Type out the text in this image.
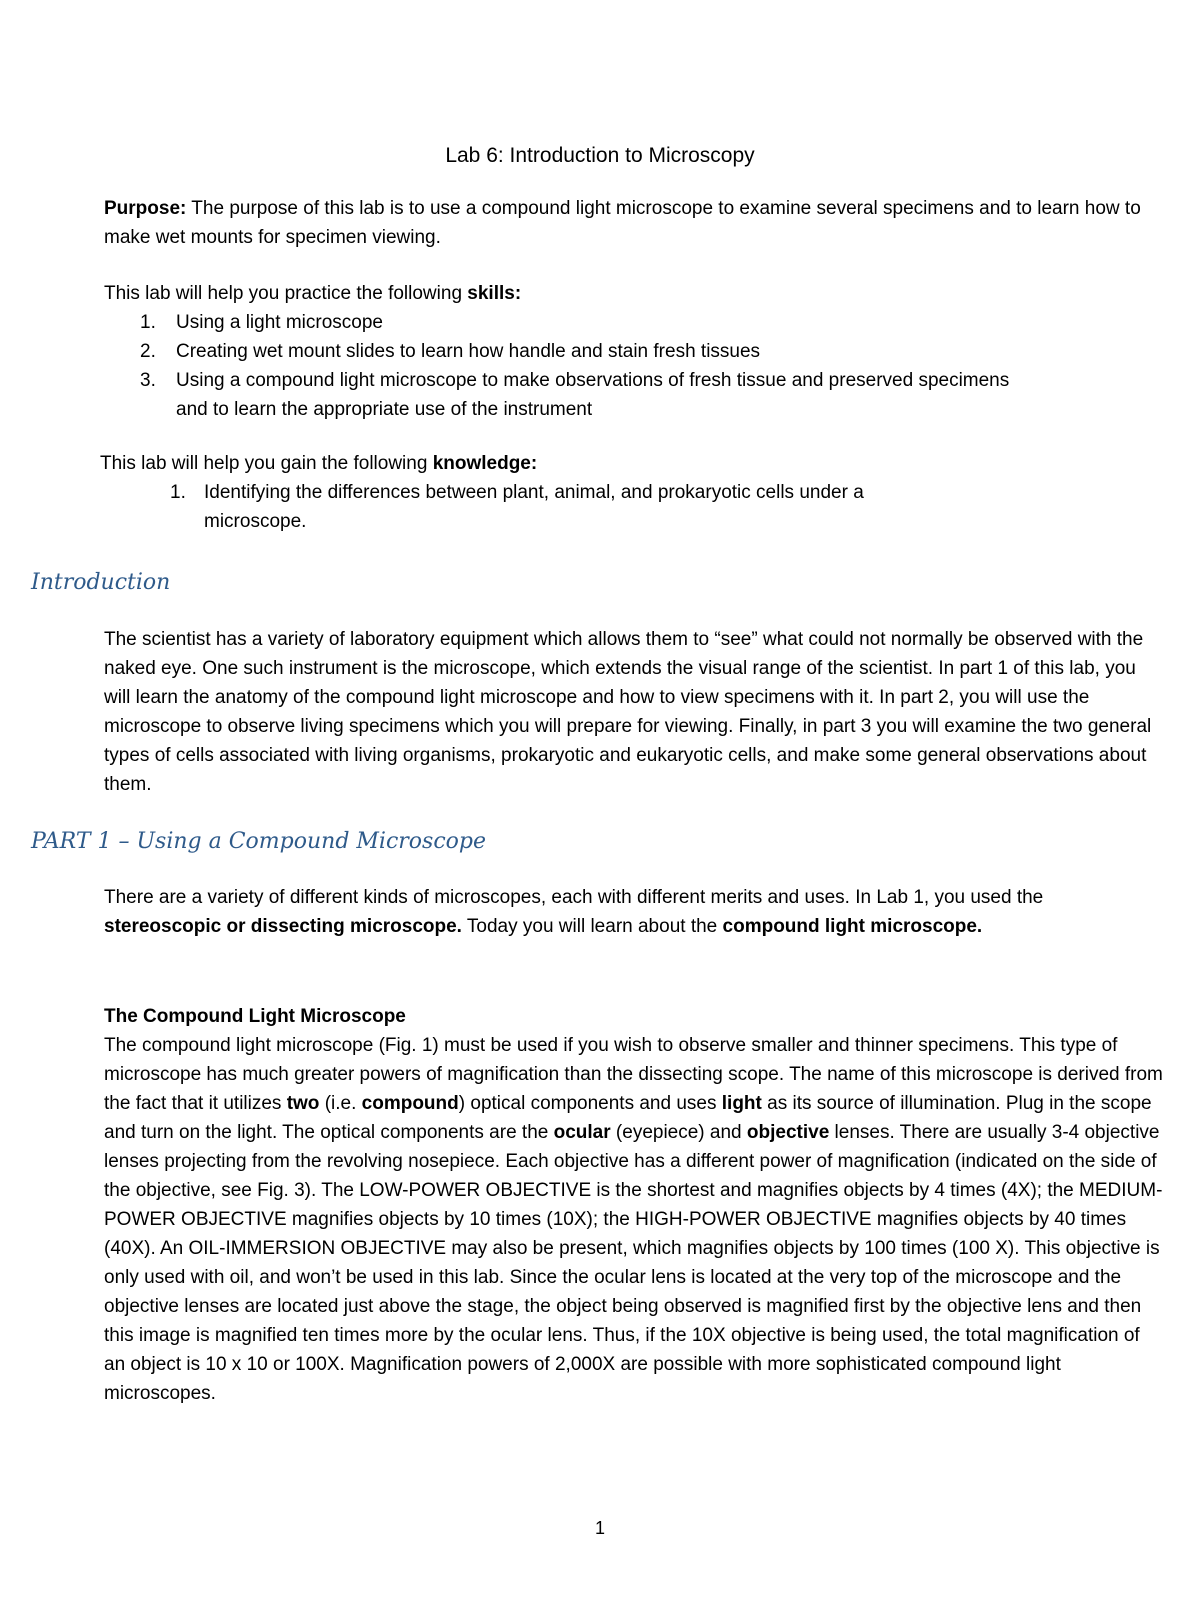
Lab 6: Introduction to Microscopy

Purpose: The purpose of this lab is to use a compound light microscope to examine several specimens and to learn how to make wet mounts for specimen viewing.

This lab will help you practice the following skills:

1. Using a light microscope
2. Creating wet mount slides to learn how handle and stain fresh tissues
3. Using a compound light microscope to make observations of fresh tissue and preserved specimens and to learn the appropriate use of the instrument

This lab will help you gain the following knowledge:

1. Identifying the differences between plant, animal, and prokaryotic cells under a microscope.
Introduction

The scientist has a variety of laboratory equipment which allows them to “see” what could not normally be observed with the naked eye. One such instrument is the microscope, which extends the visual range of the scientist. In part 1 of this lab, you will learn the anatomy of the compound light microscope and how to view specimens with it. In part 2, you will use the microscope to observe living specimens which you will prepare for viewing. Finally, in part 3 you will examine the two general types of cells associated with living organisms, prokaryotic and eukaryotic cells, and make some general observations about them.

PART 1 – Using a Compound Microscope

There are a variety of different kinds of microscopes, each with different merits and uses. In Lab 1, you used the stereoscopic or dissecting microscope. Today you will learn about the compound light microscope.

The Compound Light Microscope

The compound light microscope (Fig. 1) must be used if you wish to observe smaller and thinner specimens. This type of microscope has much greater powers of magnification than the dissecting scope. The name of this microscope is derived from the fact that it utilizes two (i.e. compound) optical components and uses light as its source of illumination. Plug in the scope and turn on the light. The optical components are the ocular (eyepiece) and objective lenses. There are usually 3-4 objective lenses projecting from the revolving nosepiece. Each objective has a different power of magnification (indicated on the side of the objective, see Fig. 3). The LOW-POWER OBJECTIVE is the shortest and magnifies objects by 4 times (4X); the MEDIUM-POWER OBJECTIVE magnifies objects by 10 times (10X); the HIGH-POWER OBJECTIVE magnifies objects by 40 times (40X). An OIL-IMMERSION OBJECTIVE may also be present, which magnifies objects by 100 times (100 X). This objective is only used with oil, and won’t be used in this lab. Since the ocular lens is located at the very top of the microscope and the objective lenses are located just above the stage, the object being observed is magnified first by the objective lens and then this image is magnified ten times more by the ocular lens. Thus, if the 10X objective is being used, the total magnification of an object is 10 x 10 or 100X. Magnification powers of 2,000X are possible with more sophisticated compound light microscopes.

1
